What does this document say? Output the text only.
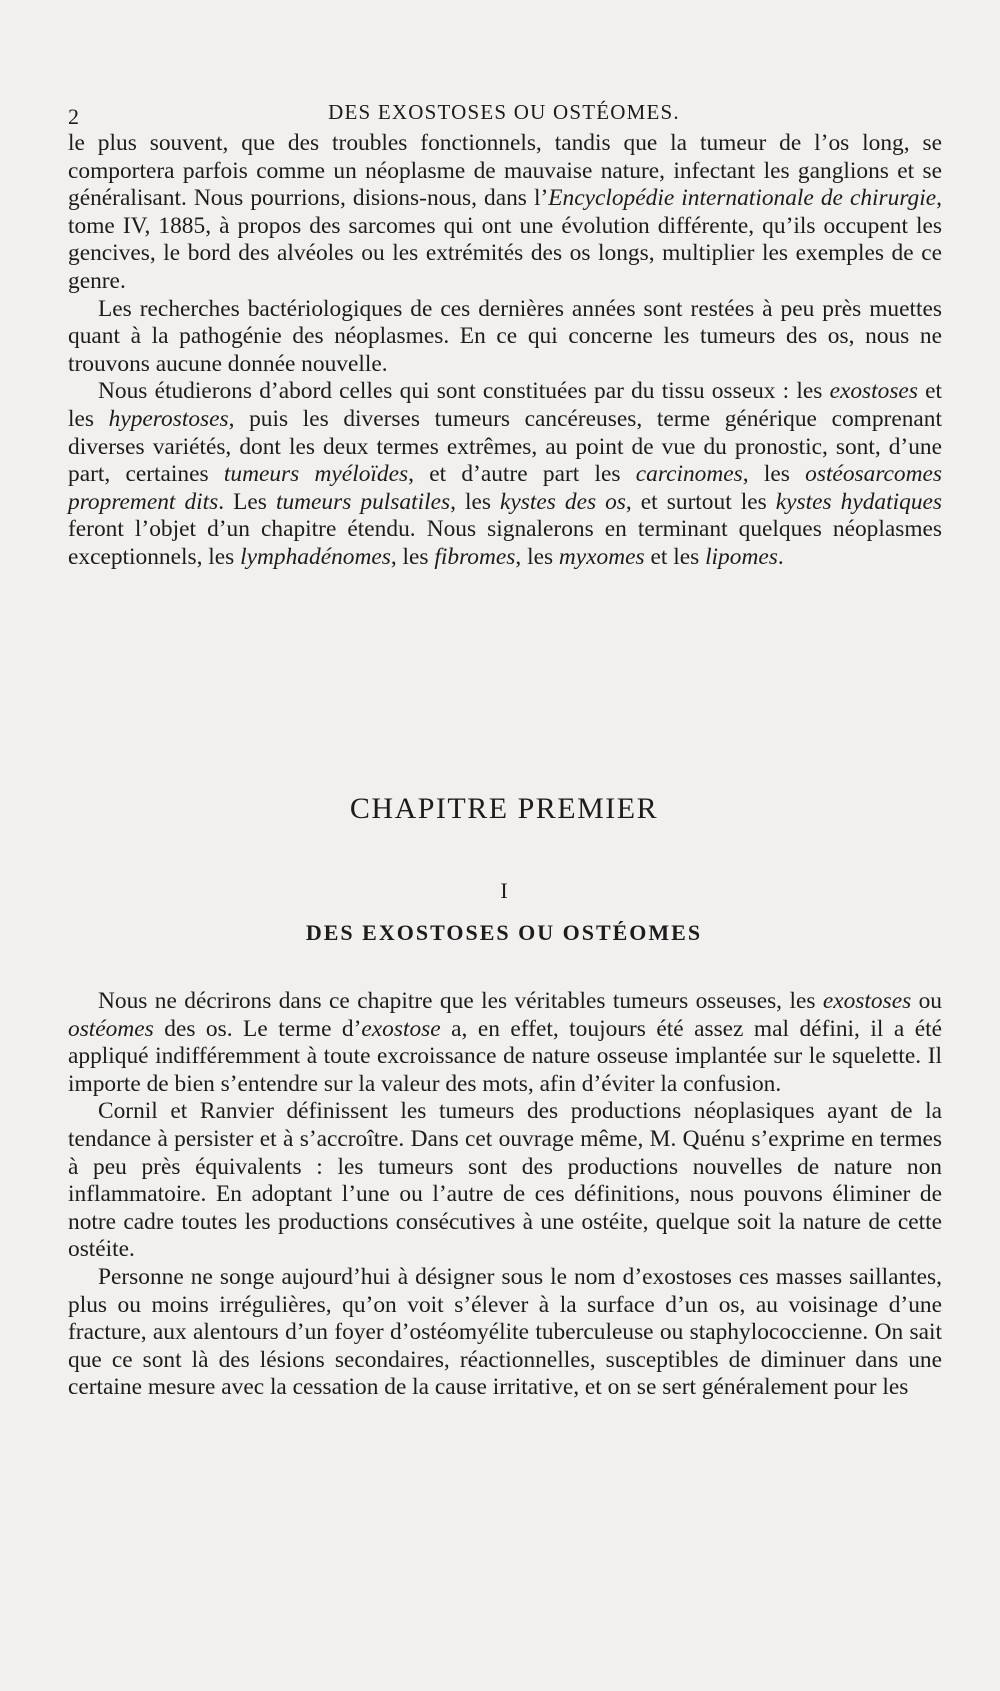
2	DES EXOSTOSES OU OSTÉOMES.

le plus souvent, que des troubles fonctionnels, tandis que la tumeur de l’os long, se comportera parfois comme un néoplasme de mauvaise nature, infectant les ganglions et se généralisant. Nous pourrions, disions-nous, dans l’Encyclopédie internationale de chirurgie, tome IV, 1885, à propos des sarcomes qui ont une évolution différente, qu’ils occupent les gencives, le bord des alvéoles ou les extrémités des os longs, multiplier les exemples de ce genre.

Les recherches bactériologiques de ces dernières années sont restées à peu près muettes quant à la pathogénie des néoplasmes. En ce qui concerne les tumeurs des os, nous ne trouvons aucune donnée nouvelle.

Nous étudierons d’abord celles qui sont constituées par du tissu osseux : les exostoses et les hyperostoses, puis les diverses tumeurs cancéreuses, terme générique comprenant diverses variétés, dont les deux termes extrêmes, au point de vue du pronostic, sont, d’une part, certaines tumeurs myéloïdes, et d’autre part les carcinomes, les ostéosarcomes proprement dits. Les tumeurs pulsatiles, les kystes des os, et surtout les kystes hydatiques feront l’objet d’un chapitre étendu. Nous signalerons en terminant quelques néoplasmes exceptionnels, les lymphadénomes, les fibromes, les myxomes et les lipomes.

CHAPITRE PREMIER
I
DES EXOSTOSES OU OSTÉOMES

Nous ne décrirons dans ce chapitre que les véritables tumeurs osseuses, les exostoses ou ostéomes des os. Le terme d’exostose a, en effet, toujours été assez mal défini, il a été appliqué indifféremment à toute excroissance de nature osseuse implantée sur le squelette. Il importe de bien s’entendre sur la valeur des mots, afin d’éviter la confusion.

Cornil et Ranvier définissent les tumeurs des productions néoplasiques ayant de la tendance à persister et à s’accroître. Dans cet ouvrage même, M. Quénu s’exprime en termes à peu près équivalents : les tumeurs sont des productions nouvelles de nature non inflammatoire. En adoptant l’une ou l’autre de ces définitions, nous pouvons éliminer de notre cadre toutes les productions consécutives à une ostéite, quelque soit la nature de cette ostéite.

Personne ne songe aujourd’hui à désigner sous le nom d’exostoses ces masses saillantes, plus ou moins irrégulières, qu’on voit s’élever à la surface d’un os, au voisinage d’une fracture, aux alentours d’un foyer d’ostéomyélite tuberculeuse ou staphylococcienne. On sait que ce sont là des lésions secondaires, réactionnelles, susceptibles de diminuer dans une certaine mesure avec la cessation de la cause irritative, et on se sert généralement pour les
